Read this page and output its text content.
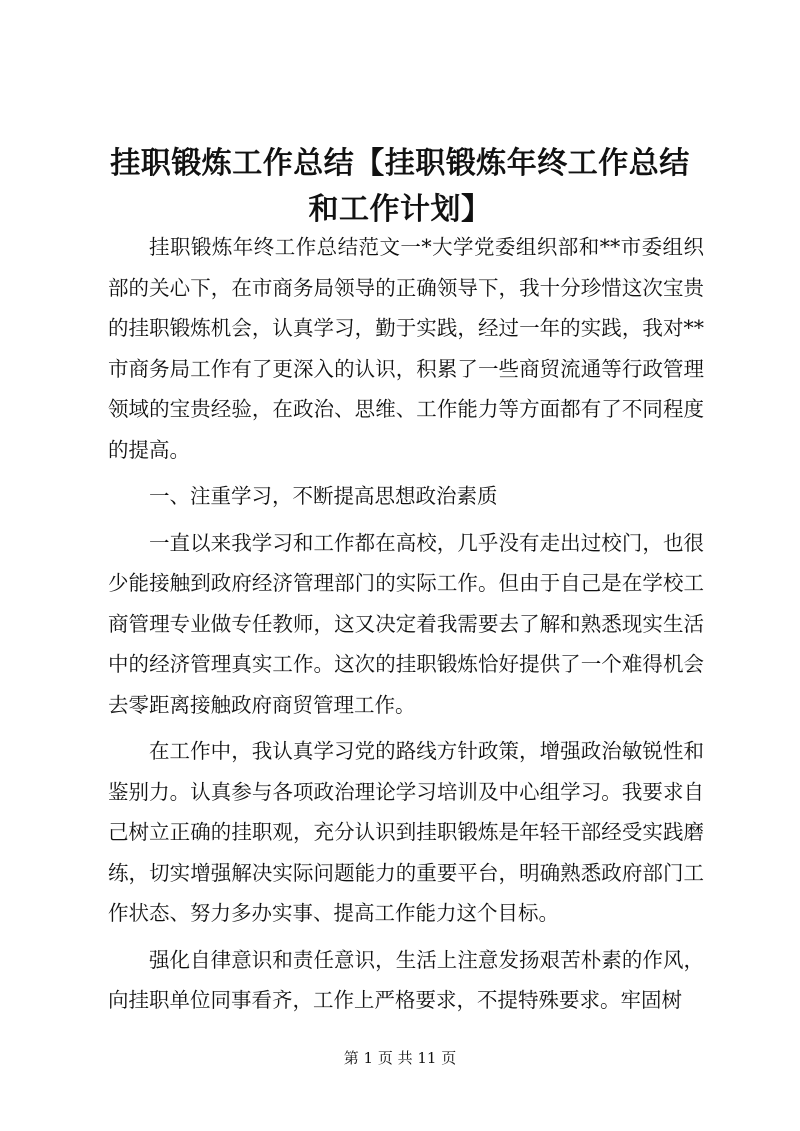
挂职锻炼工作总结【挂职锻炼年终工作总结和工作计划】

挂职锻炼年终工作总结范文一*大学党委组织部和**市委组织部的关心下，在市商务局领导的正确领导下，我十分珍惜这次宝贵的挂职锻炼机会，认真学习，勤于实践，经过一年的实践，我对**市商务局工作有了更深入的认识，积累了一些商贸流通等行政管理领域的宝贵经验，在政治、思维、工作能力等方面都有了不同程度的提高。

一、注重学习，不断提高思想政治素质

一直以来我学习和工作都在高校，几乎没有走出过校门，也很少能接触到政府经济管理部门的实际工作。但由于自己是在学校工商管理专业做专任教师，这又决定着我需要去了解和熟悉现实生活中的经济管理真实工作。这次的挂职锻炼恰好提供了一个难得机会去零距离接触政府商贸管理工作。

在工作中，我认真学习党的路线方针政策，增强政治敏锐性和鉴别力。认真参与各项政治理论学习培训及中心组学习。我要求自己树立正确的挂职观，充分认识到挂职锻炼是年轻干部经受实践磨练，切实增强解决实际问题能力的重要平台，明确熟悉政府部门工作状态、努力多办实事、提高工作能力这个目标。

强化自律意识和责任意识，生活上注意发扬艰苦朴素的作风，向挂职单位同事看齐，工作上严格要求，不提特殊要求。牢固树

第 1 页 共 11 页
